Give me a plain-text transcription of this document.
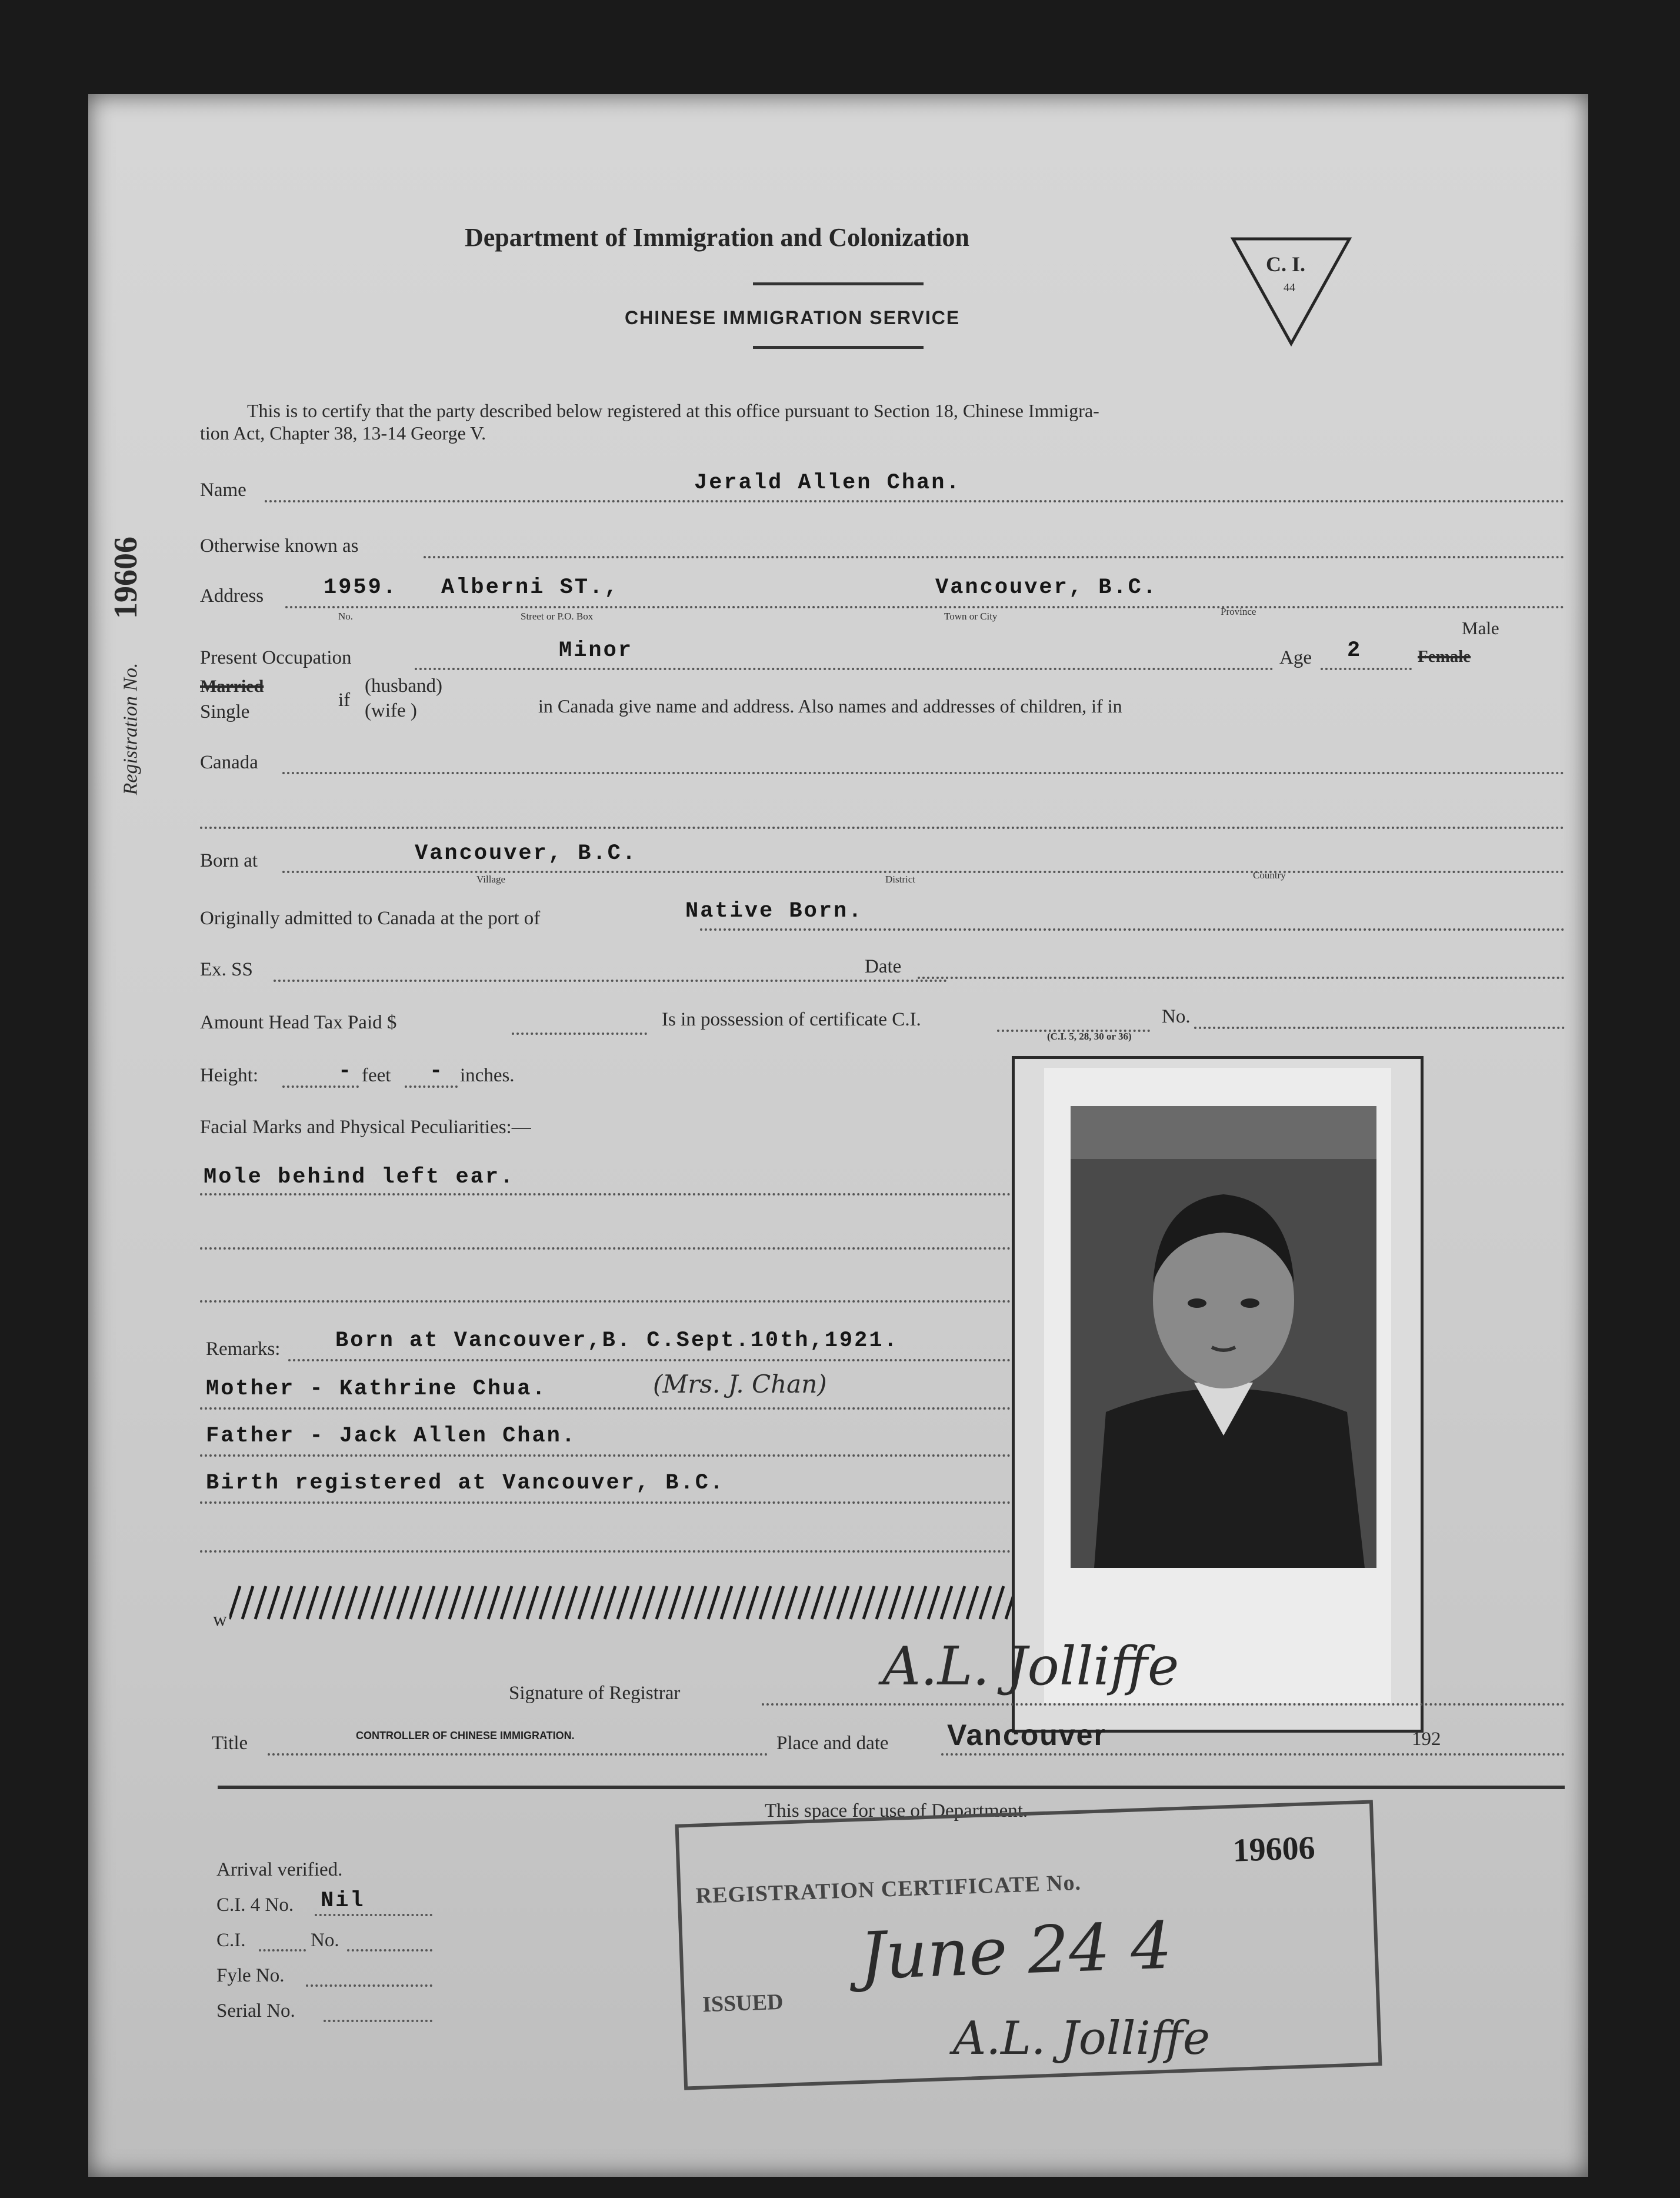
Department of Immigration and Colonization
CHINESE IMMIGRATION SERVICE
C. I.
44
Registration No.
19606
This is to certify that the party described below registered at this office pursuant to Section 18, Chinese Immigra-
tion Act, Chapter 38, 13-14 George V.
Name	Jerald Allen Chan.
Otherwise known as
Address	1959. Alberni ST.,	Vancouver, B.C.
No.	Street or P.O. Box	Town or City	Province
Present Occupation	Minor	Age 2
Male
Female
Married
Single
if
(husband)
(wife )	in Canada give name and address. Also names and addresses of children, if in
Canada
Born at	Vancouver, B.C.
Village	District	Country
Originally admitted to Canada at the port of	Native Born.
Ex. SS	Date
Amount Head Tax Paid $	Is in possession of certificate C.I.	No.
(C.I. 5, 28, 30 or 36)
Height:	- feet - inches.
Facial Marks and Physical Peculiarities:—
Mole behind left ear.
Remarks:	Born at Vancouver,B. C.Sept.10th,1921.
Mother - Kathrine Chua.	(Mrs. J. Chan)
Father - Jack Allen Chan.
Birth registered at Vancouver, B.C.
w
Signature of Registrar	A.L. Jolliffe
Title	CONTROLLER OF CHINESE IMMIGRATION.	Place and date Vancouver	192
This space for use of Department.
Arrival verified.
C.I. 4 No. Nil
C.I.	No.
Fyle No.
Serial No.
REGISTRATION CERTIFICATE No.
19606
ISSUED
June 24 4
A.L. Jolliffe
